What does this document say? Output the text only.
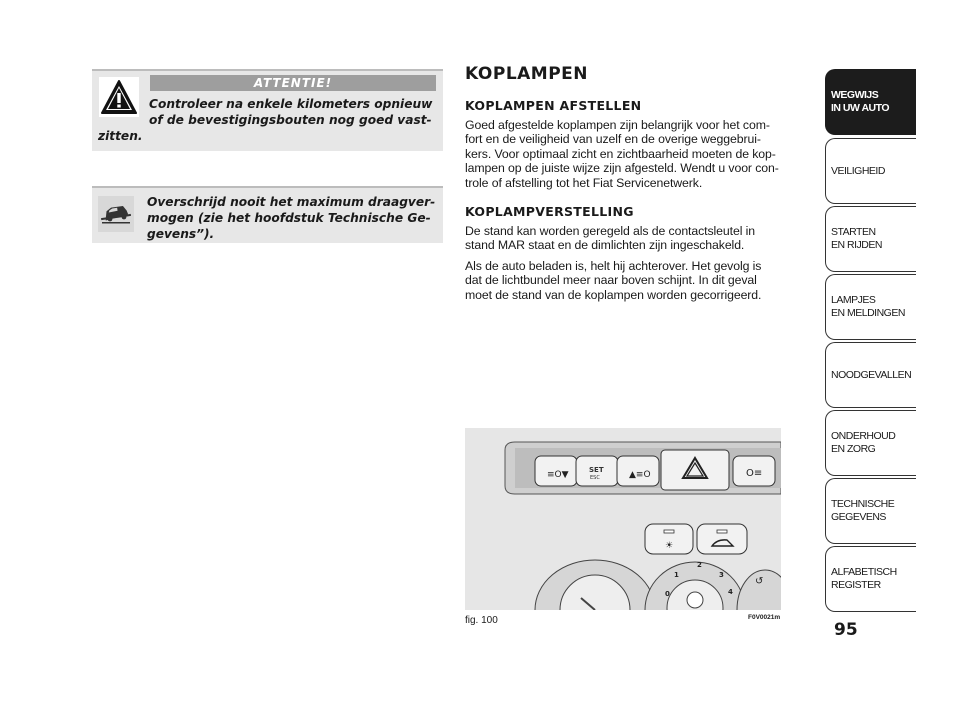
ATTENTIE!
Controleer na enkele kilometers opnieuw
of de bevestigingsbouten nog goed vast-
zitten.
Overschrijd nooit het maximum draagver-
mogen (zie het hoofdstuk Technische Ge-
gevens”).
KOPLAMPEN
KOPLAMPEN AFSTELLEN
Goed afgestelde koplampen zijn belangrijk voor het com-
fort en de veiligheid van uzelf en de overige weggebrui-
kers. Voor optimaal zicht en zichtbaarheid moeten de kop-
lampen op de juiste wijze zijn afgesteld. Wendt u voor con-
trole of afstelling tot het Fiat Servicenetwerk.
KOPLAMPVERSTELLING
De stand kan worden geregeld als de contactsleutel in
stand MAR staat en de dimlichten zijn ingeschakeld.
Als de auto beladen is, helt hij achterover. Het gevolg is
dat de lichtbundel meer naar boven schijnt. In dit geval
moet de stand van de koplampen worden gecorrigeerd.
≡O▼	SET
ESC	▲≡O	O≡
☀
0
1
2
3
4
↺
fig. 100	F0V0021m
WEGWIJS
IN UW AUTO
VEILIGHEID
STARTEN
EN RIJDEN
LAMPJES
EN MELDINGEN
NOODGEVALLEN
ONDERHOUD
EN ZORG
TECHNISCHE
GEGEVENS
ALFABETISCH
REGISTER
95
